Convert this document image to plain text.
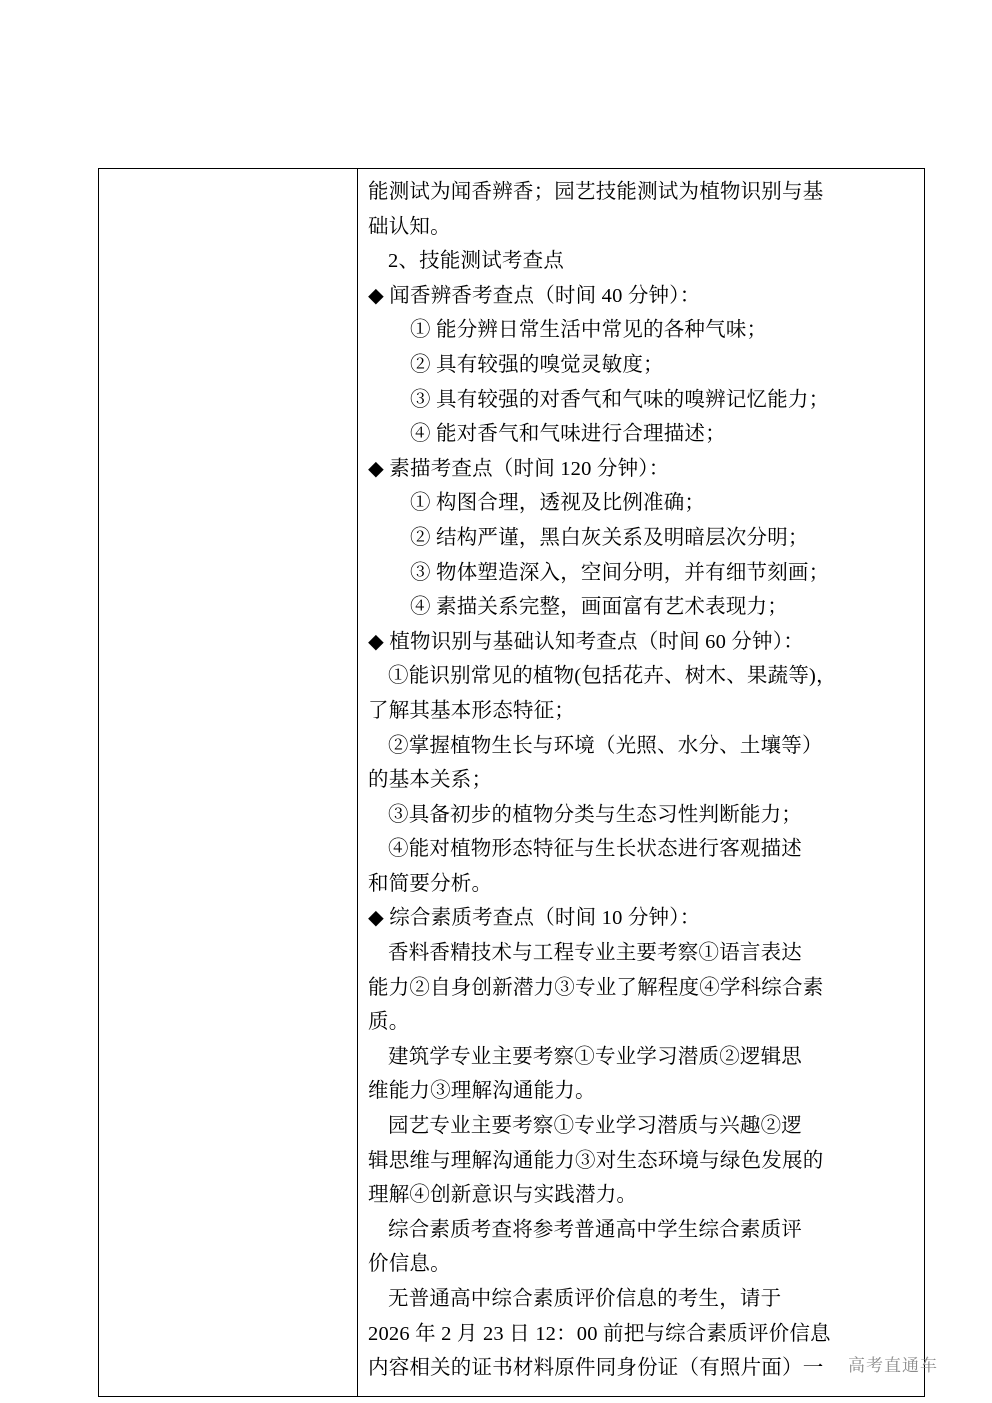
能测试为闻香辨香；园艺技能测试为植物识别与基
础认知。
2、技能测试考查点
◆ 闻香辨香考查点（时间 40 分钟）：
① 能分辨日常生活中常见的各种气味；
② 具有较强的嗅觉灵敏度；
③ 具有较强的对香气和气味的嗅辨记忆能力；
④ 能对香气和气味进行合理描述；
◆ 素描考查点（时间 120 分钟）：
① 构图合理，透视及比例准确；
② 结构严谨，黑白灰关系及明暗层次分明；
③ 物体塑造深入，空间分明，并有细节刻画；
④ 素描关系完整，画面富有艺术表现力；
◆ 植物识别与基础认知考查点（时间 60 分钟）：
①能识别常见的植物(包括花卉、树木、果蔬等)，
了解其基本形态特征；
②掌握植物生长与环境（光照、水分、土壤等）
的基本关系；
③具备初步的植物分类与生态习性判断能力；
④能对植物形态特征与生长状态进行客观描述
和简要分析。
◆ 综合素质考查点（时间 10 分钟）：
香料香精技术与工程专业主要考察①语言表达
能力②自身创新潜力③专业了解程度④学科综合素
质。
建筑学专业主要考察①专业学习潜质②逻辑思
维能力③理解沟通能力。
园艺专业主要考察①专业学习潜质与兴趣②逻
辑思维与理解沟通能力③对生态环境与绿色发展的
理解④创新意识与实践潜力。
综合素质考查将参考普通高中学生综合素质评
价信息。
无普通高中综合素质评价信息的考生，请于
2026 年 2 月 23 日 12：00 前把与综合素质评价信息
内容相关的证书材料原件同身份证（有照片面）一	高考直通车
